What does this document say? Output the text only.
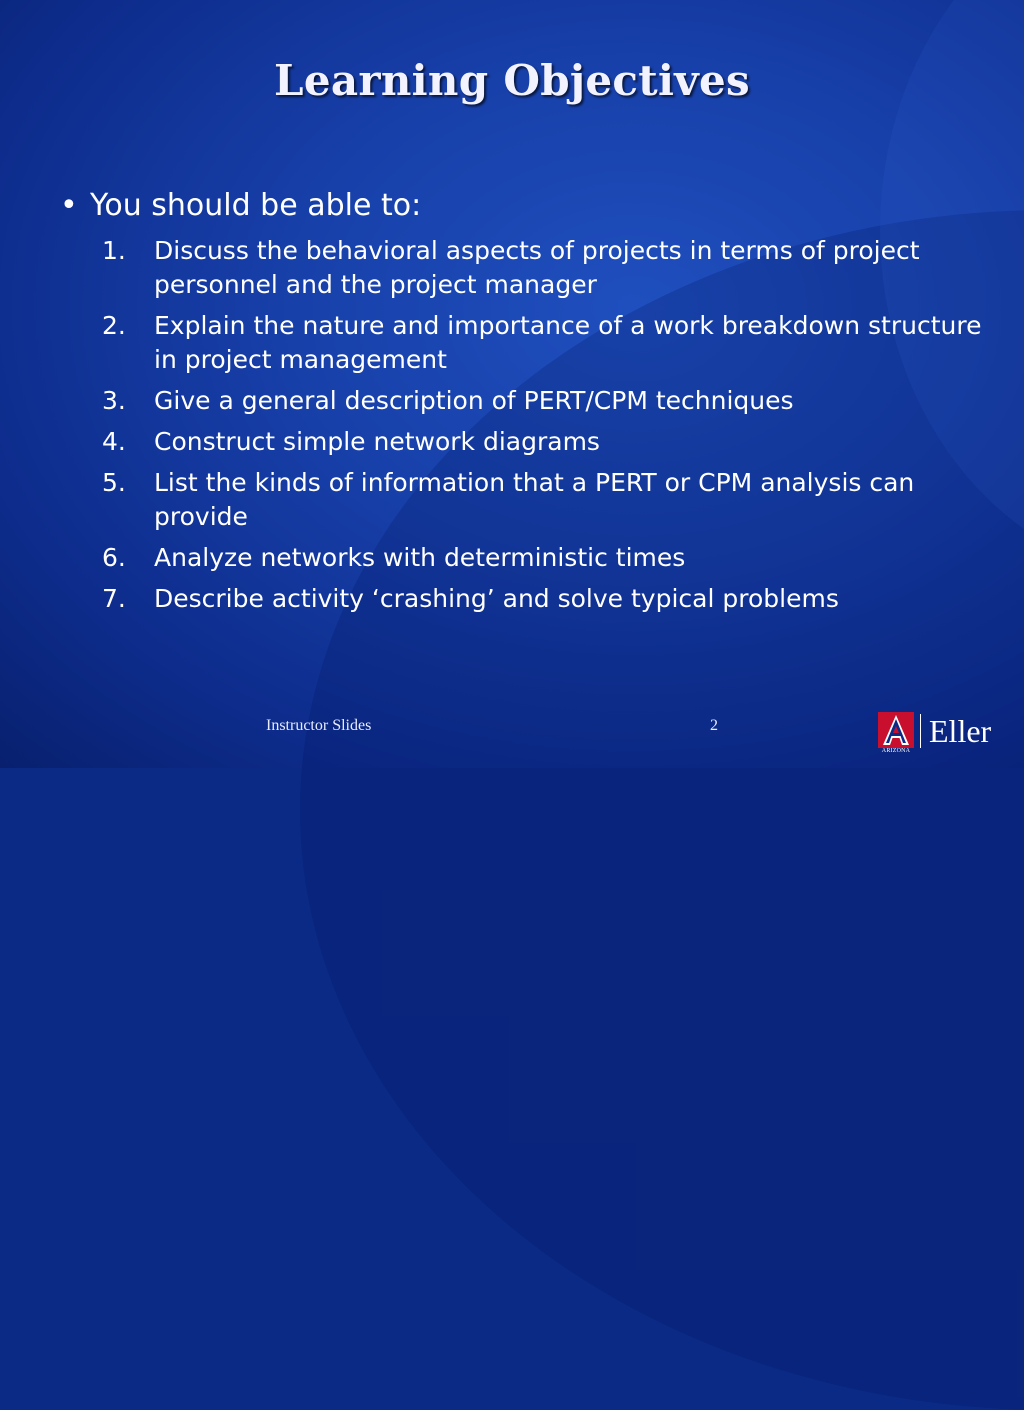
Learning Objectives
• You should be able to:
1.	Discuss the behavioral aspects of projects in terms of project personnel and the project manager
2.	Explain the nature and importance of a work breakdown structure in project management
3.	Give a general description of PERT/CPM techniques
4.	Construct simple network diagrams
5.	List the kinds of information that a PERT or CPM analysis can provide
6.	Analyze networks with deterministic times
7.	Describe activity ‘crashing’ and solve typical problems
Instructor Slides	2
ARIZONA
Eller
